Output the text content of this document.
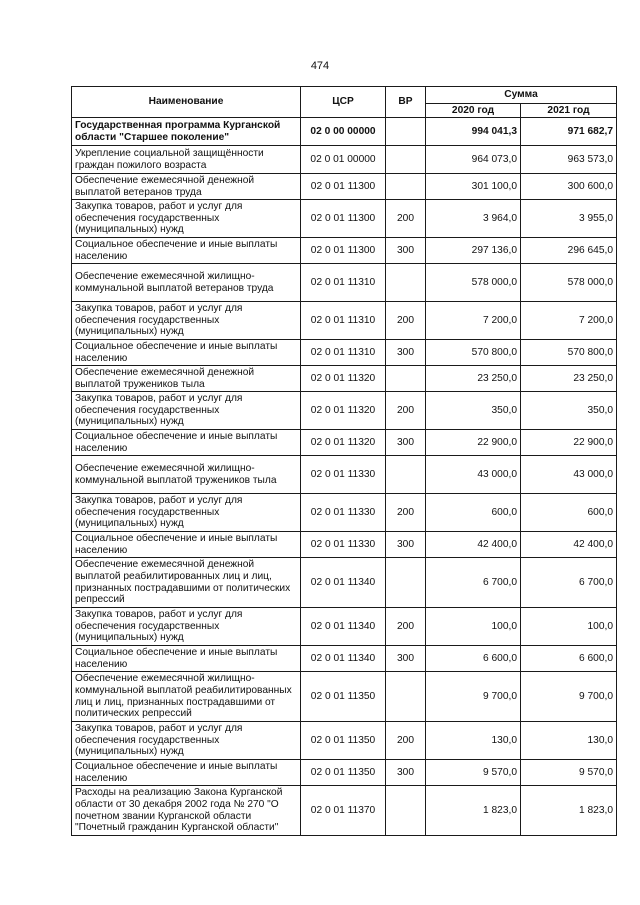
474
Наименование	ЦСР	ВР	Сумма	
			2020 год	2021 год
Государственная программа Курганской области "Старшее поколение"	02 0 00 00000		994 041,3	971 682,7
Укрепление социальной защищённости граждан пожилого возраста	02 0 01 00000		964 073,0	963 573,0
Обеспечение ежемесячной денежной выплатой ветеранов труда	02 0 01 11300		301 100,0	300 600,0
Закупка товаров, работ и услуг для обеспечения государственных (муниципальных) нужд	02 0 01 11300	200	3 964,0	3 955,0
Социальное обеспечение и иные выплаты населению	02 0 01 11300	300	297 136,0	296 645,0
Обеспечение ежемесячной жилищно-коммунальной выплатой ветеранов труда	02 0 01 11310		578 000,0	578 000,0
Закупка товаров, работ и услуг для обеспечения государственных (муниципальных) нужд	02 0 01 11310	200	7 200,0	7 200,0
Социальное обеспечение и иные выплаты населению	02 0 01 11310	300	570 800,0	570 800,0
Обеспечение ежемесячной денежной выплатой тружеников тыла	02 0 01 11320		23 250,0	23 250,0
Закупка товаров, работ и услуг для обеспечения государственных (муниципальных) нужд	02 0 01 11320	200	350,0	350,0
Социальное обеспечение и иные выплаты населению	02 0 01 11320	300	22 900,0	22 900,0
Обеспечение ежемесячной жилищно-коммунальной выплатой тружеников тыла	02 0 01 11330		43 000,0	43 000,0
Закупка товаров, работ и услуг для обеспечения государственных (муниципальных) нужд	02 0 01 11330	200	600,0	600,0
Социальное обеспечение и иные выплаты населению	02 0 01 11330	300	42 400,0	42 400,0
Обеспечение ежемесячной денежной выплатой реабилитированных лиц и лиц, признанных пострадавшими от политических репрессий	02 0 01 11340		6 700,0	6 700,0
Закупка товаров, работ и услуг для обеспечения государственных (муниципальных) нужд	02 0 01 11340	200	100,0	100,0
Социальное обеспечение и иные выплаты населению	02 0 01 11340	300	6 600,0	6 600,0
Обеспечение ежемесячной жилищно-коммунальной выплатой реабилитированных лиц и лиц, признанных пострадавшими от политических репрессий	02 0 01 11350		9 700,0	9 700,0
Закупка товаров, работ и услуг для обеспечения государственных (муниципальных) нужд	02 0 01 11350	200	130,0	130,0
Социальное обеспечение и иные выплаты населению	02 0 01 11350	300	9 570,0	9 570,0
Расходы на реализацию Закона Курганской области от 30 декабря 2002 года № 270 "О почетном звании Курганской области "Почетный гражданин Курганской области"	02 0 01 11370		1 823,0	1 823,0
